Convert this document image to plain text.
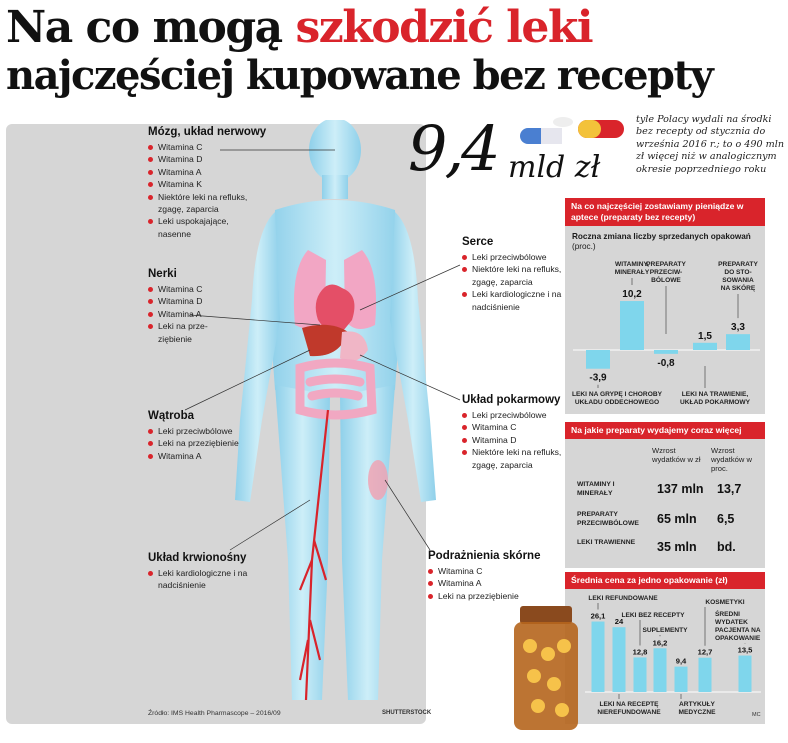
Na co mogą szkodzić leki
najczęściej kupowane bez recepty
Mózg, układ nerwowy
Witamina C
Witamina D
Witamina A
Witamina K
Niektóre leki na refluks, zgagę, zaparcia
Leki uspokajające, nasenne
Nerki
Witamina C
Witamina D
Witamina A
Leki na prze-ziębienie
Wątroba
Leki przeciwbólowe
Leki na przeziębienie
Witamina A
Układ krwionośny
Leki kardiologiczne i na nadciśnienie
Serce
Leki przeciwbólowe
Niektóre leki na refluks, zgagę, zaparcia
Leki kardiologiczne i na nadciśnienie
Układ pokarmowy
Leki przeciwbólowe
Witamina C
Witamina D
Niektóre leki na refluks, zgagę, zaparcia
Podrażnienia skórne
Witamina C
Witamina A
Leki na przeziębienie
Źródło: IMS Health Pharmascope – 2016/09	SHUTTERSTOCK
9,4 mld zł
tyle Polacy wydali na środki bez recepty od stycznia do września 2016 r.; to o 490 mln zł więcej niż w analogicznym okresie poprzedniego roku
Na co najczęściej zostawiamy pieniądze w aptece (preparaty bez recepty)
Roczna zmiana liczby sprzedanych opakowań (proc.)
-3,9
LEKI NA GRYPĘ I CHOROBY UKŁADU ODDECHOWEGO
10,2
WITAMINY, MINERAŁY
-0,8
PREPARATY PRZECIW-BÓLOWE
1,5
LEKI NA TRAWIENIE, UKŁAD POKARMOWY
3,3
PREPARATY DO STO-SOWANIA NA SKÓRĘ
Na jakie preparaty wydajemy coraz więcej
Wzrost wydatków w zł
Wzrost wydatków w proc.
WITAMINY I MINERAŁY	137 mln 13,7
PREPARATY PRZECIWBÓLOWE	65 mln 6,5
LEKI TRAWIENNE	35 mln bd.
Średnia cena za jedno opakowanie (zł)
26,1
24
12,8
16,2
9,4
12,7	13,5
LEKI REFUNDOWANE
LEKI BEZ RECEPTY
SUPLEMENTY
KOSMETYKI
ŚREDNI WYDATEK PACJENTA NA OPAKOWANIE
LEKI NA RECEPTĘ NIEREFUNDOWANE
ARTYKUŁY MEDYCZNE	MC
